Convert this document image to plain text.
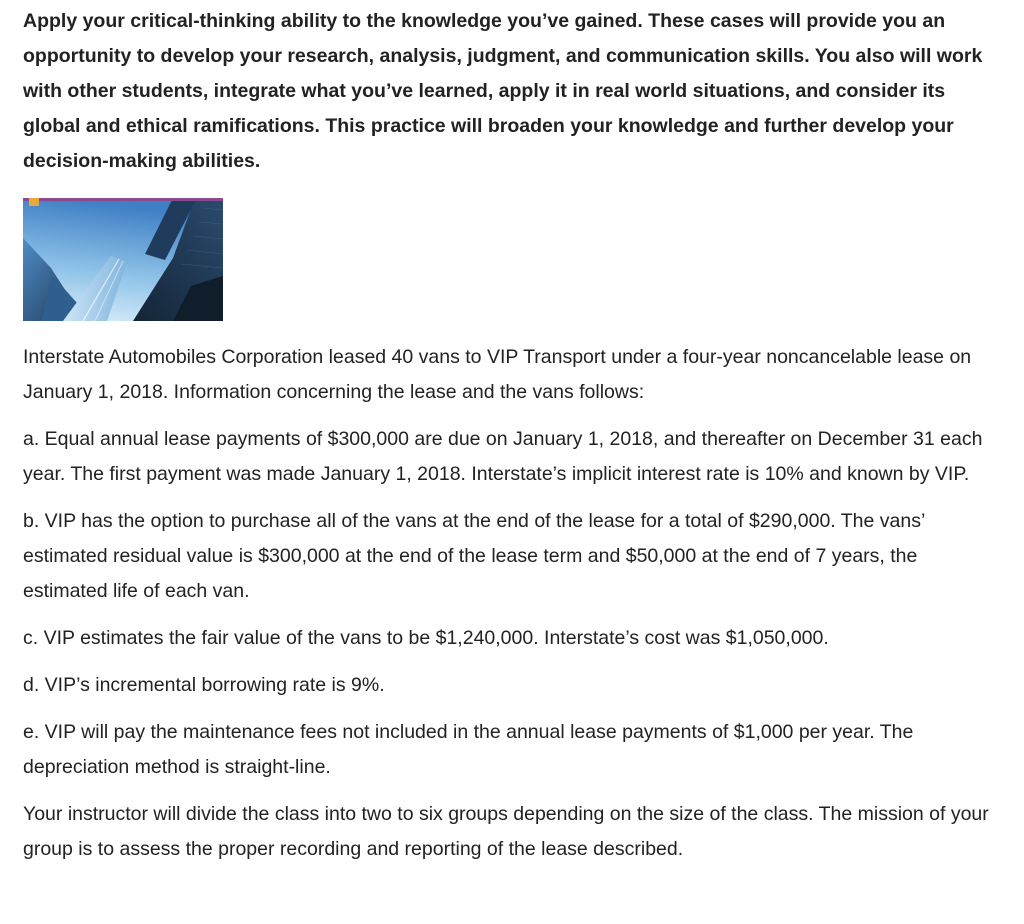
Apply your critical-thinking ability to the knowledge you’ve gained. These cases will provide you an opportunity to develop your research, analysis, judgment, and communication skills. You also will work with other students, integrate what you’ve learned, apply it in real world situations, and consider its global and ethical ramifications. This practice will broaden your knowledge and further develop your decision-making abilities.

Interstate Automobiles Corporation leased 40 vans to VIP Transport under a four-year noncancelable lease on January 1, 2018. Information concerning the lease and the vans follows:

a. Equal annual lease payments of $300,000 are due on January 1, 2018, and thereafter on December 31 each year. The first payment was made January 1, 2018. Interstate’s implicit interest rate is 10% and known by VIP.

b. VIP has the option to purchase all of the vans at the end of the lease for a total of $290,000. The vans’ estimated residual value is $300,000 at the end of the lease term and $50,000 at the end of 7 years, the estimated life of each van.

c. VIP estimates the fair value of the vans to be $1,240,000. Interstate’s cost was $1,050,000.

d. VIP’s incremental borrowing rate is 9%.

e. VIP will pay the maintenance fees not included in the annual lease payments of $1,000 per year. The depreciation method is straight-line.

Your instructor will divide the class into two to six groups depending on the size of the class. The mission of your group is to assess the proper recording and reporting of the lease described.
